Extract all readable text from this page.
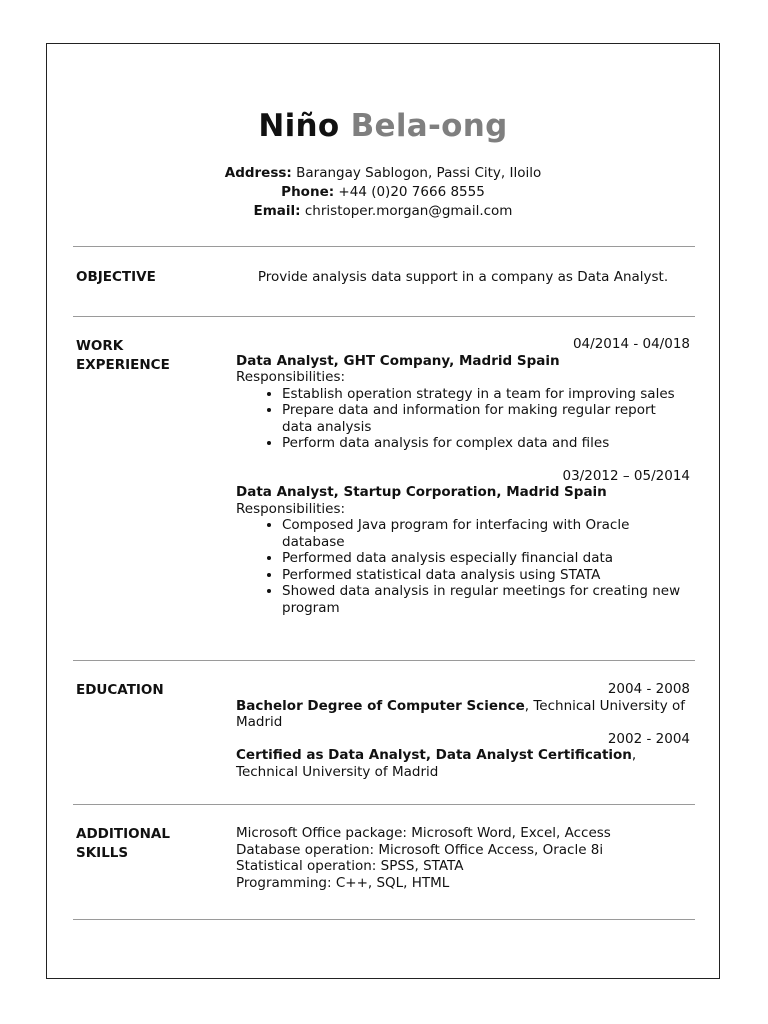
Niño Bela-ong
Address: Barangay Sablogon, Passi City, Iloilo
Phone: +44 (0)20 7666 8555
Email: christoper.morgan@gmail.com
OBJECTIVE	Provide analysis data support in a company as Data Analyst.
WORK
EXPERIENCE
04/2014 - 04/018
Data Analyst, GHT Company, Madrid Spain
Responsibilities:
• Establish operation strategy in a team for improving sales
• Prepare data and information for making regular report data analysis
• Perform data analysis for complex data and files
03/2012 – 05/2014
Data Analyst, Startup Corporation, Madrid Spain
Responsibilities:
• Composed Java program for interfacing with Oracle database
• Performed data analysis especially financial data
• Performed statistical data analysis using STATA
• Showed data analysis in regular meetings for creating new program
EDUCATION	2004 - 2008
Bachelor Degree of Computer Science, Technical University of Madrid
2002 - 2004
Certified as Data Analyst, Data Analyst Certification, Technical University of Madrid
ADDITIONAL
SKILLS
Microsoft Office package: Microsoft Word, Excel, Access
Database operation: Microsoft Office Access, Oracle 8i
Statistical operation: SPSS, STATA
Programming: C++, SQL, HTML
